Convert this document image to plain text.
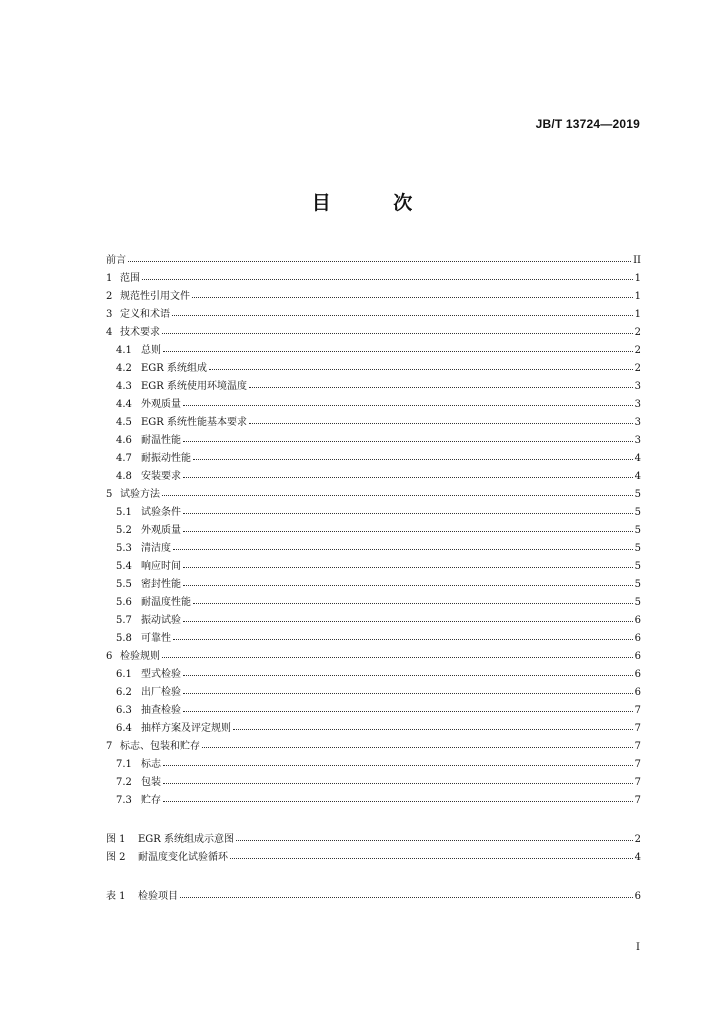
JB/T 13724—2019
目 次
前言	II
1 范围	1
2 规范性引用文件	1
3 定义和术语	1
4 技术要求	2
4.1 总则	2
4.2 EGR 系统组成	2
4.3 EGR 系统使用环境温度	3
4.4 外观质量	3
4.5 EGR 系统性能基本要求	3
4.6 耐温性能	3
4.7 耐振动性能	4
4.8 安装要求	4
5 试验方法	5
5.1 试验条件	5
5.2 外观质量	5
5.3 清洁度	5
5.4 响应时间	5
5.5 密封性能	5
5.6 耐温度性能	5
5.7 振动试验	6
5.8 可靠性	6
6 检验规则	6
6.1 型式检验	6
6.2 出厂检验	6
6.3 抽查检验	7
6.4 抽样方案及评定规则	7
7 标志、包装和贮存	7
7.1 标志	7
7.2 包装	7
7.3 贮存	7
图 1	EGR 系统组成示意图	2
图 2	耐温度变化试验循环	4
表 1	检验项目	6
I
